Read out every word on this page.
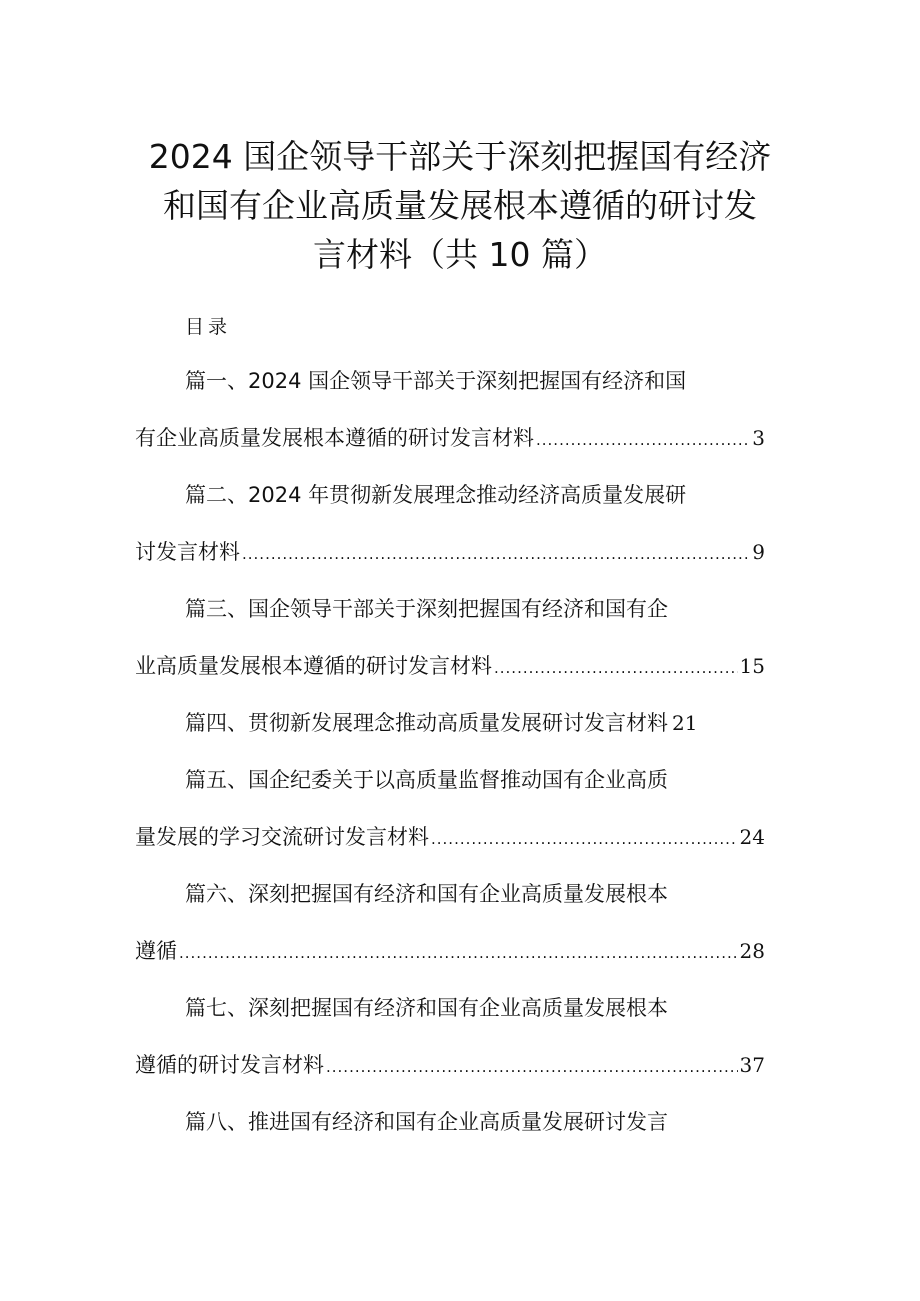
2024 国企领导干部关于深刻把握国有经济
和国有企业高质量发展根本遵循的研讨发
言材料（共 10 篇）
目录
篇一、2024 国企领导干部关于深刻把握国有经济和国
有企业高质量发展根本遵循的研讨发言材料 .....	3
篇二、2024 年贯彻新发展理念推动经济高质量发展研
讨发言材料 .....	9
篇三、国企领导干部关于深刻把握国有经济和国有企
业高质量发展根本遵循的研讨发言材料 .....	15
篇四、贯彻新发展理念推动高质量发展研讨发言材料 21
篇五、国企纪委关于以高质量监督推动国有企业高质
量发展的学习交流研讨发言材料 .....	24
篇六、深刻把握国有经济和国有企业高质量发展根本
遵循 .....	28
篇七、深刻把握国有经济和国有企业高质量发展根本
遵循的研讨发言材料 .....	37
篇八、推进国有经济和国有企业高质量发展研讨发言
